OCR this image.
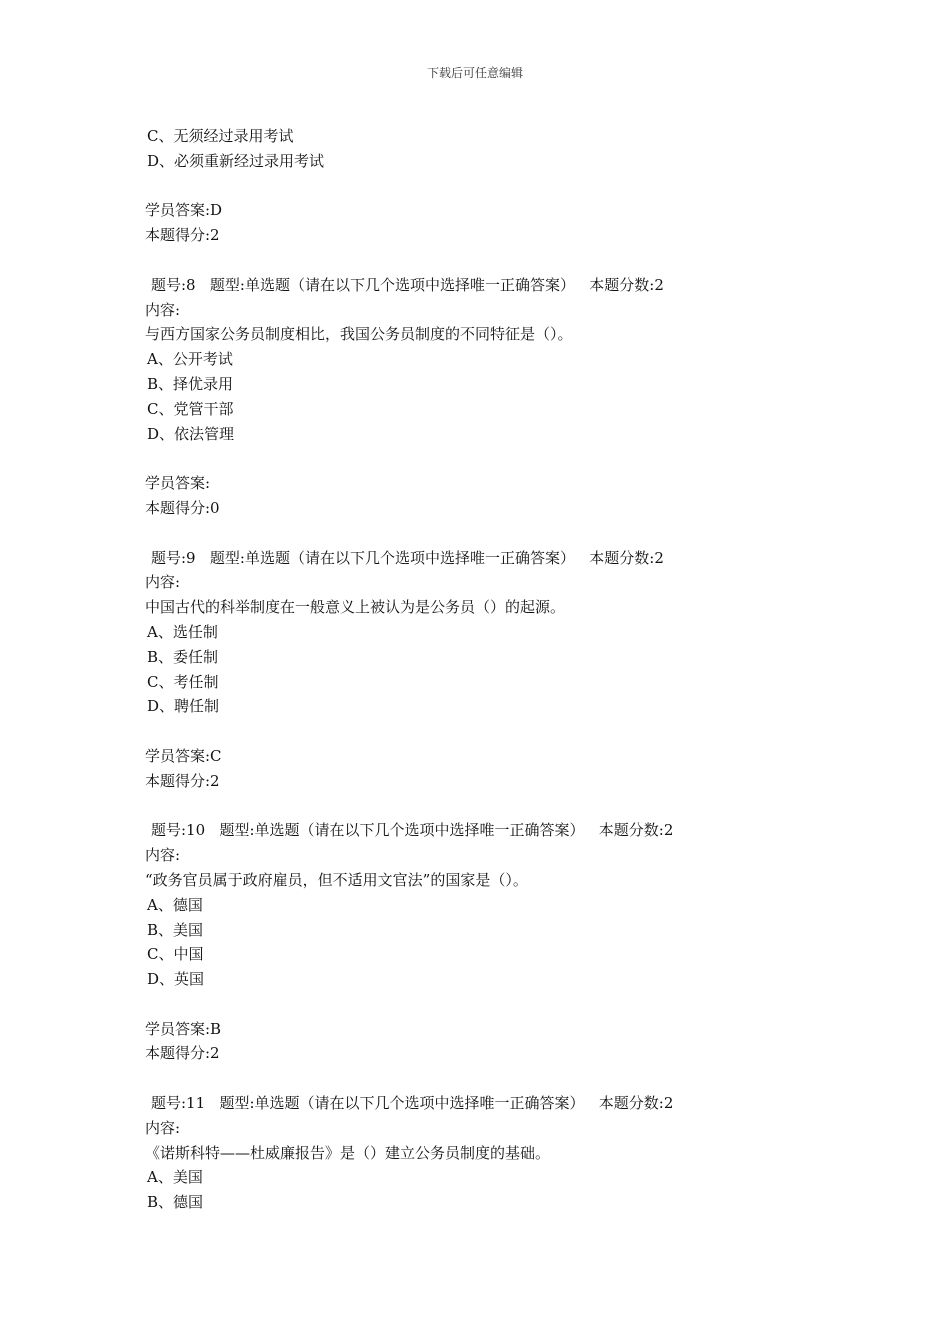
下载后可任意编辑
C、无须经过录用考试
D、必须重新经过录用考试
学员答案:D
本题得分:2
题号:8   题型:单选题（请在以下几个选项中选择唯一正确答案）   本题分数:2
内容:
与西方国家公务员制度相比，我国公务员制度的不同特征是（）。
A、公开考试
B、择优录用
C、党管干部
D、依法管理
学员答案:
本题得分:0
题号:9   题型:单选题（请在以下几个选项中选择唯一正确答案）   本题分数:2
内容:
中国古代的科举制度在一般意义上被认为是公务员（）的起源。
A、选任制
B、委任制
C、考任制
D、聘任制
学员答案:C
本题得分:2
题号:10   题型:单选题（请在以下几个选项中选择唯一正确答案）   本题分数:2
内容:
“政务官员属于政府雇员，但不适用文官法”的国家是（）。
A、德国
B、美国
C、中国
D、英国
学员答案:B
本题得分:2
题号:11   题型:单选题（请在以下几个选项中选择唯一正确答案）   本题分数:2
内容:
《诺斯科特——杜威廉报告》是（）建立公务员制度的基础。
A、美国
B、德国
